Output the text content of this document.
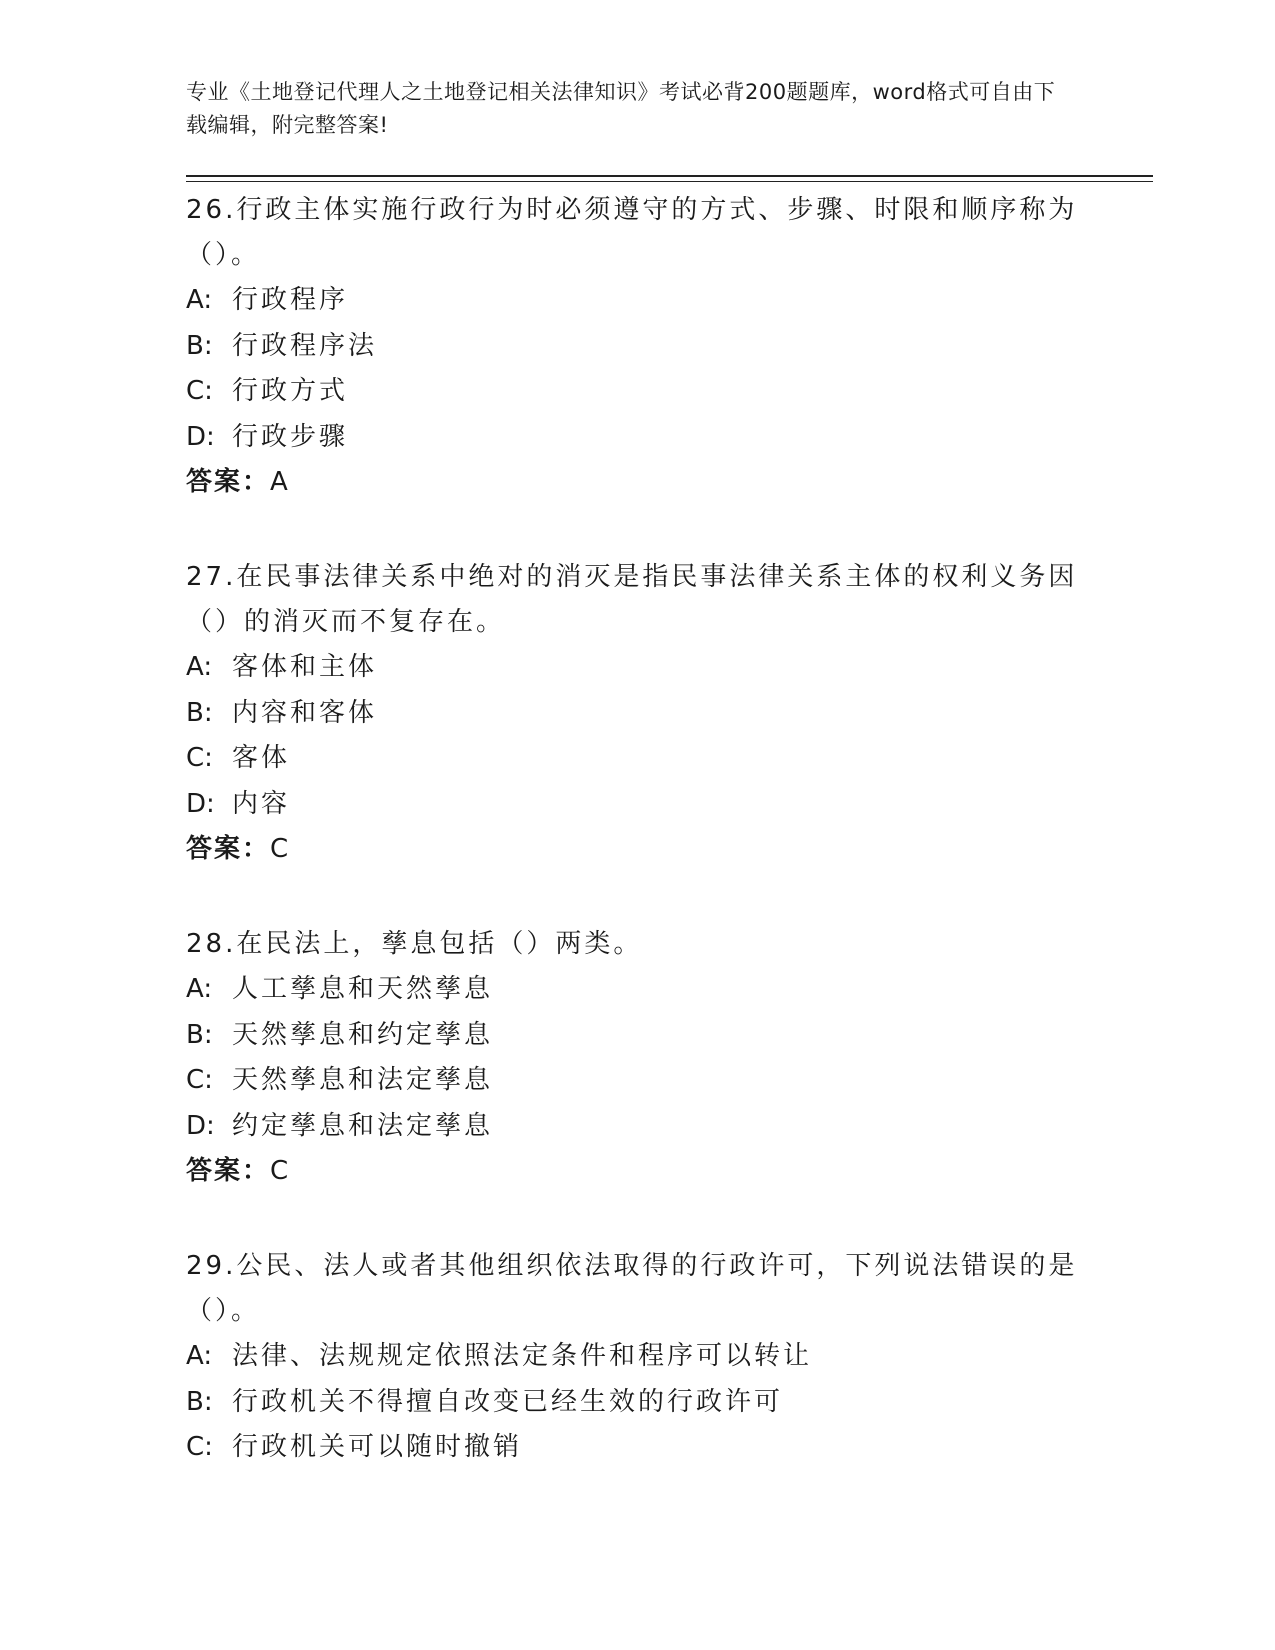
专业《土地登记代理人之土地登记相关法律知识》考试必背200题题库，word格式可自由下载编辑，附完整答案!

26.行政主体实施行政行为时必须遵守的方式、步骤、时限和顺序称为（）。

A: 行政程序

B: 行政程序法

C: 行政方式

D: 行政步骤

答案：A

27.在民事法律关系中绝对的消灭是指民事法律关系主体的权利义务因（）的消灭而不复存在。

A: 客体和主体

B: 内容和客体

C: 客体

D: 内容

答案：C

28.在民法上，孳息包括（）两类。

A: 人工孳息和天然孳息

B: 天然孳息和约定孳息

C: 天然孳息和法定孳息

D: 约定孳息和法定孳息

答案：C

29.公民、法人或者其他组织依法取得的行政许可，下列说法错误的是（）。

A: 法律、法规规定依照法定条件和程序可以转让

B: 行政机关不得擅自改变已经生效的行政许可

C: 行政机关可以随时撤销
